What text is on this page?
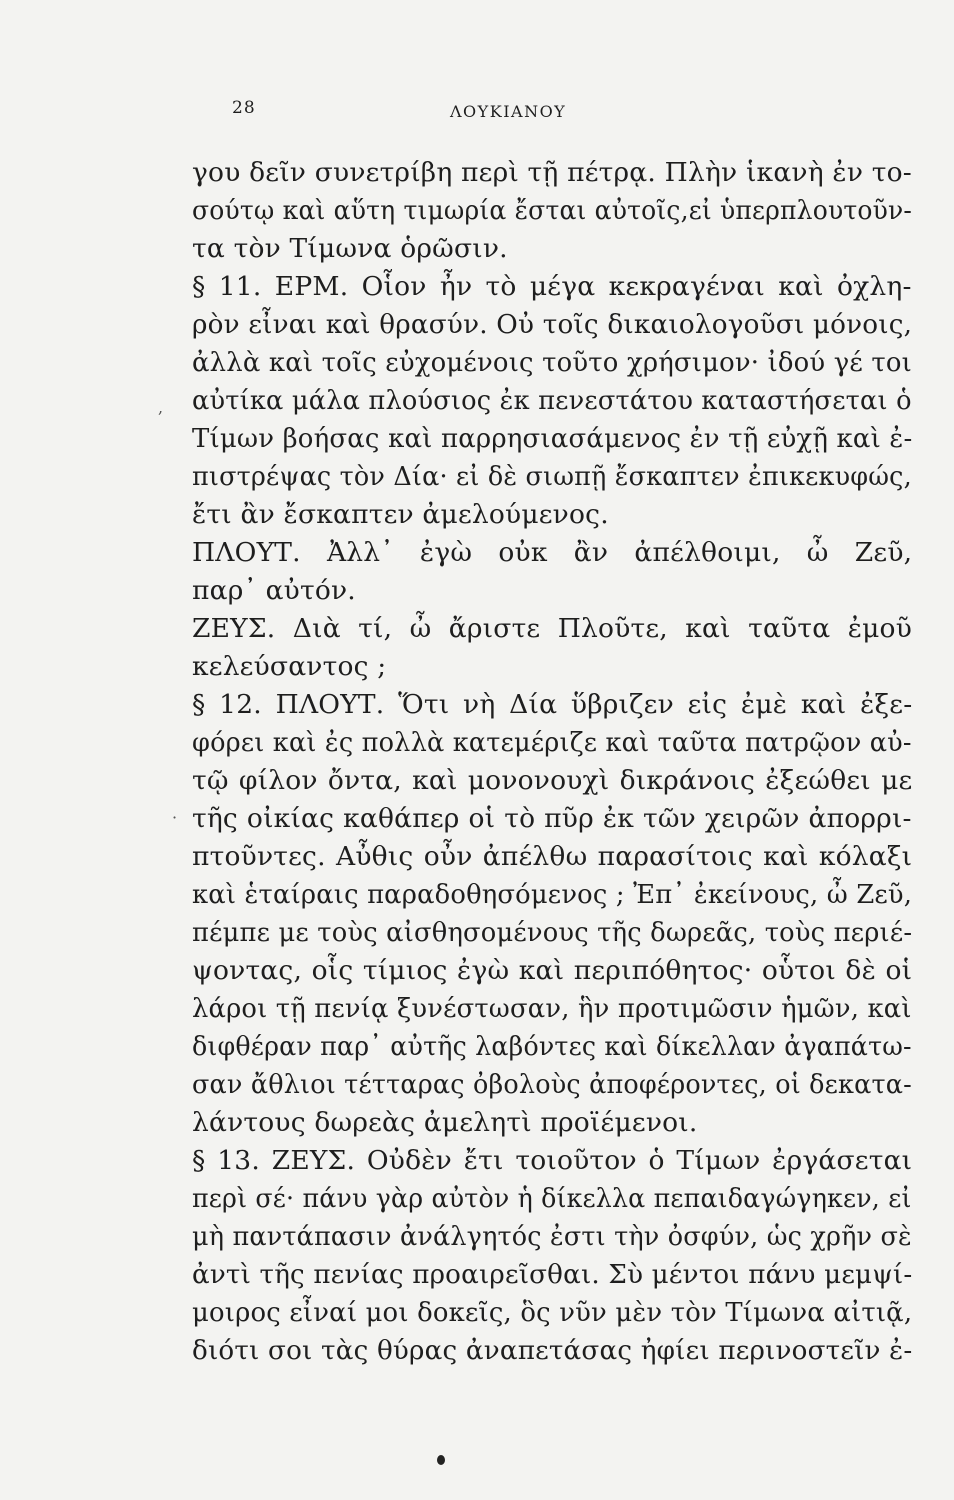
28	ΛΟΥΚΙΑΝΟΥ
,
·
γου δεῖν συνετρίβη περὶ τῇ πέτρᾳ. Πλὴν ἱκανὴ ἐν το-
σούτῳ καὶ αὕτη τιμωρία ἔσται αὐτοῖς,εἰ ὑπερπλουτοῦν-
τα τὸν Τίμωνα ὁρῶσιν.
§ 11. ΕΡΜ. Οἷον ἦν τὸ μέγα κεκραγέναι καὶ ὀχλη-
ρὸν εἶναι καὶ θρασύν. Οὐ τοῖς δικαιολογοῦσι μόνοις,
ἀλλὰ καὶ τοῖς εὐχομένοις τοῦτο χρήσιμον· ἰδού γέ τοι
αὐτίκα μάλα πλούσιος ἐκ πενεστάτου καταστήσεται ὁ
Τίμων βοήσας καὶ παρρησιασάμενος ἐν τῇ εὐχῇ καὶ ἐ-
πιστρέψας τὸν Δία· εἰ δὲ σιωπῇ ἔσκαπτεν ἐπικεκυφώς,
ἔτι ἂν ἔσκαπτεν ἀμελούμενος.
ΠΛΟΥΤ. Ἀλλ᾽ ἐγὼ οὐκ ἂν ἀπέλθοιμι, ὦ Ζεῦ,
παρ᾽ αὐτόν.
ΖΕΥΣ. Διὰ τί, ὦ ἄριστε Πλοῦτε, καὶ ταῦτα ἐμοῦ
κελεύσαντος ;
§ 12. ΠΛΟΥΤ. Ὅτι νὴ Δία ὕβριζεν εἰς ἐμὲ καὶ ἐξε-
φόρει καὶ ἐς πολλὰ κατεμέριζε καὶ ταῦτα πατρῷον αὐ-
τῷ φίλον ὄντα, καὶ μονονουχὶ δικράνοις ἐξεώθει με
τῆς οἰκίας καθάπερ οἱ τὸ πῦρ ἐκ τῶν χειρῶν ἀπορρι-
πτοῦντες. Αὖθις οὖν ἀπέλθω παρασίτοις καὶ κόλαξι
καὶ ἑταίραις παραδοθησόμενος ; Ἐπ᾽ ἐκείνους, ὦ Ζεῦ,
πέμπε με τοὺς αἰσθησομένους τῆς δωρεᾶς, τοὺς περιέ-
ψοντας, οἷς τίμιος ἐγὼ καὶ περιπόθητος· οὗτοι δὲ οἱ
λάροι τῇ πενίᾳ ξυνέστωσαν, ἣν προτιμῶσιν ἡμῶν, καὶ
διφθέραν παρ᾽ αὐτῆς λαβόντες καὶ δίκελλαν ἀγαπάτω-
σαν ἄθλιοι τέτταρας ὀβολοὺς ἀποφέροντες, οἱ δεκατα-
λάντους δωρεὰς ἀμελητὶ προϊέμενοι.
§ 13. ΖΕΥΣ. Οὐδὲν ἔτι τοιοῦτον ὁ Τίμων ἐργάσεται
περὶ σέ· πάνυ γὰρ αὐτὸν ἡ δίκελλα πεπαιδαγώγηκεν, εἰ
μὴ παντάπασιν ἀνάλγητός ἐστι τὴν ὀσφύν, ὡς χρῆν σὲ
ἀντὶ τῆς πενίας προαιρεῖσθαι. Σὺ μέντοι πάνυ μεμψί-
μοιρος εἶναί μοι δοκεῖς, ὃς νῦν μὲν τὸν Τίμωνα αἰτιᾷ,
διότι σοι τὰς θύρας ἀναπετάσας ἠφίει περινοστεῖν ἐ-
